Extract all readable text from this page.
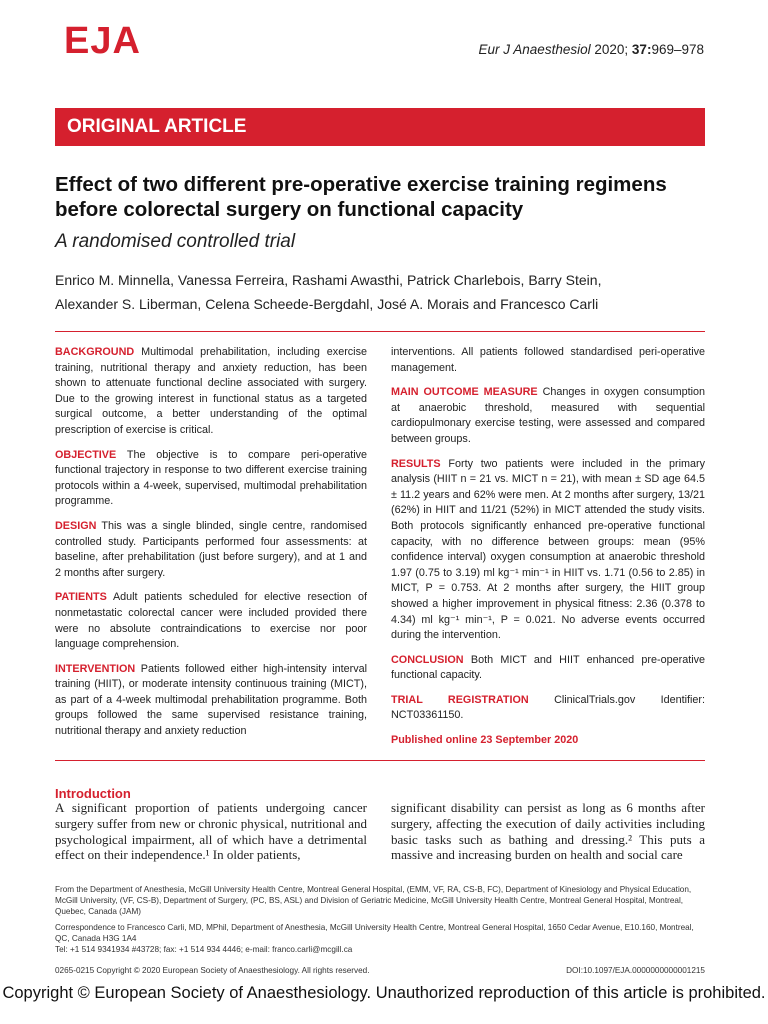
EJA	Eur J Anaesthesiol 2020; 37:969–978
ORIGINAL ARTICLE
Effect of two different pre-operative exercise training regimens before colorectal surgery on functional capacity
A randomised controlled trial
Enrico M. Minnella, Vanessa Ferreira, Rashami Awasthi, Patrick Charlebois, Barry Stein,
Alexander S. Liberman, Celena Scheede-Bergdahl, José A. Morais and Francesco Carli

BACKGROUND Multimodal prehabilitation, including exercise training, nutritional therapy and anxiety reduction, has been shown to attenuate functional decline associated with surgery. Due to the growing interest in functional status as a targeted surgical outcome, a better understanding of the optimal prescription of exercise is critical.

OBJECTIVE The objective is to compare peri-operative functional trajectory in response to two different exercise training protocols within a 4-week, supervised, multimodal prehabilitation programme.

DESIGN This was a single blinded, single centre, randomised controlled study. Participants performed four assessments: at baseline, after prehabilitation (just before surgery), and at 1 and 2 months after surgery.

PATIENTS Adult patients scheduled for elective resection of nonmetastatic colorectal cancer were included provided there were no absolute contraindications to exercise nor poor language comprehension.

INTERVENTION Patients followed either high-intensity interval training (HIIT), or moderate intensity continuous training (MICT), as part of a 4-week multimodal prehabilitation programme. Both groups followed the same supervised resistance training, nutritional therapy and anxiety reduction

interventions. All patients followed standardised peri-operative management.

MAIN OUTCOME MEASURE Changes in oxygen consumption at anaerobic threshold, measured with sequential cardiopulmonary exercise testing, were assessed and compared between groups.

RESULTS Forty two patients were included in the primary analysis (HIIT n = 21 vs. MICT n = 21), with mean ± SD age 64.5 ± 11.2 years and 62% were men. At 2 months after surgery, 13/21 (62%) in HIIT and 11/21 (52%) in MICT attended the study visits. Both protocols significantly enhanced pre-operative functional capacity, with no difference between groups: mean (95% confidence interval) oxygen consumption at anaerobic threshold 1.97 (0.75 to 3.19) ml kg⁻¹ min⁻¹ in HIIT vs. 1.71 (0.56 to 2.85) in MICT, P = 0.753. At 2 months after surgery, the HIIT group showed a higher improvement in physical fitness: 2.36 (0.378 to 4.34) ml kg⁻¹ min⁻¹, P = 0.021. No adverse events occurred during the intervention.

CONCLUSION Both MICT and HIIT enhanced pre-operative functional capacity.

TRIAL REGISTRATION ClinicalTrials.gov Identifier: NCT03361150.

Published online 23 September 2020

Introduction

A significant proportion of patients undergoing cancer surgery suffer from new or chronic physical, nutritional and psychological impairment, all of which have a detrimental effect on their independence.¹ In older patients,

significant disability can persist as long as 6 months after surgery, affecting the execution of daily activities including basic tasks such as bathing and dressing.² This puts a massive and increasing burden on health and social care

From the Department of Anesthesia, McGill University Health Centre, Montreal General Hospital, (EMM, VF, RA, CS-B, FC), Department of Kinesiology and Physical Education, McGill University, (VF, CS-B), Department of Surgery, (PC, BS, ASL) and Division of Geriatric Medicine, McGill University Health Centre, Montreal General Hospital, Montreal, Quebec, Canada (JAM)

Correspondence to Francesco Carli, MD, MPhil, Department of Anesthesia, McGill University Health Centre, Montreal General Hospital, 1650 Cedar Avenue, E10.160, Montreal, QC, Canada H3G 1A4
Tel: +1 514 9341934 #43728; fax: +1 514 934 4446; e-mail: franco.carli@mcgill.ca
0265-0215 Copyright © 2020 European Society of Anaesthesiology. All rights reserved.	DOI:10.1097/EJA.0000000000001215
Copyright © European Society of Anaesthesiology. Unauthorized reproduction of this article is prohibited.
